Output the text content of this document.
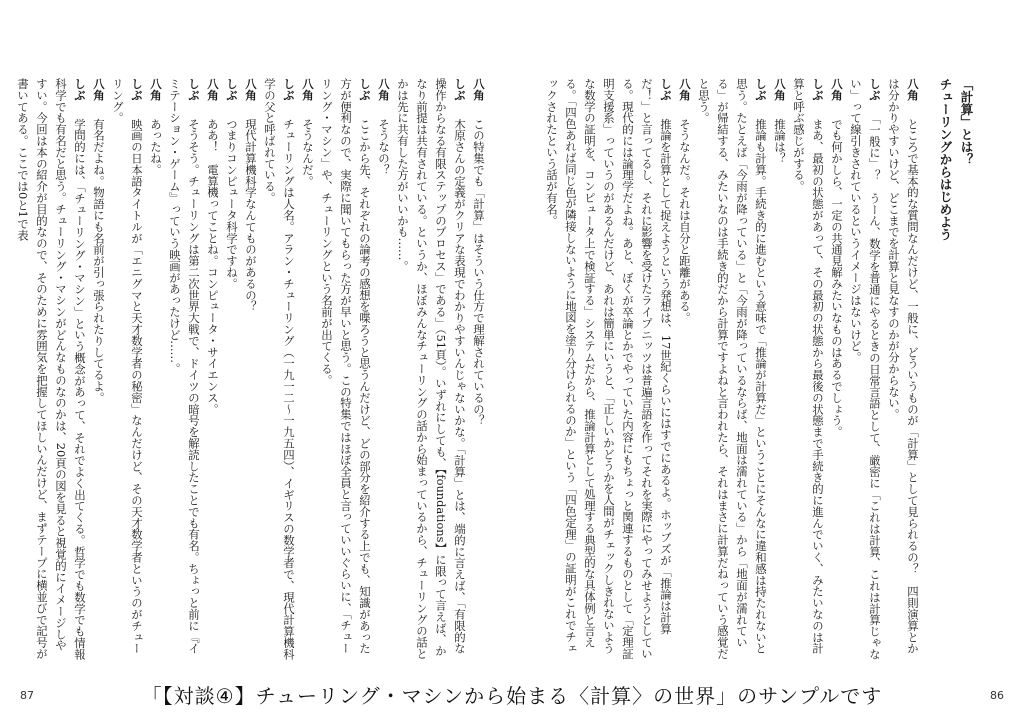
「計算」とは？
チューリングからはじめよう
八角　ところで基本的な質問なんだけど、一般に、どういうものが「計算」として見られるの？　四則演算とかは分かりやすいけど、どこまでを計算と見なすのかが分からない。
しぶ　「一般に」？　うーん、数学を普通にやるときの日常言語として、厳密に「これは計算、これは計算じゃない」って線引きされているというイメージはないけど。
八角　でも何かしら、一定の共通見解みたいなものはあるでしょう。
しぶ　まあ、最初の状態があって、その最初の状態から最後の状態まで手続き的に進んでいく、みたいなのは計算と呼ぶ感じがする。
八角　推論は？
しぶ　推論も計算。手続き的に進むという意味で「推論が計算だ」ということにそんなに違和感は持たれないと思う。たとえば「今雨が降っている」と「今雨が降っているならば、地面は濡れている」から「地面が濡れている」が帰結する、みたいなのは手続き的だから計算ですよねと言われたら、それはまさに計算だねっていう感覚だと思う。
八角　そうなんだ。それは自分と距離がある。
しぶ　推論を計算として捉えようという発想は、17世紀くらいにはすでにあるよ。ホッブズが「推論は計算だ！」と言ってるし、それに影響を受けたライプニッツは普遍言語を作ってそれを実際にやってみせようとしている。現代的には論理学だよね。あと、ぼくが卒論とかでやっていた内容にもちょっと関連するものとして「定理証明支援系」っていうのがあるんだけど、あれは簡単にいうと、「正しいかどうかを人間がチェックしきれないような数学の証明を、コンピュータ上で検証する」システムだから、推論計算として処理する典型的な具体例と言える。「四色あれば同じ色が隣接しないように地図を塗り分けられるのか」という「四色定理」の証明がこれでチェックされたという話が有名。
八角　この特集でも「計算」はそういう仕方で理解されているの？
しぶ　木原さんの定義がクリアな表現でわかりやすいんじゃないかな。「計算」とは、端的に言えば、「有限的な操作からなる有限ステップのプロセス」である」（51頁）。いずれにしても、【foundations】に限って言えば、かなり前提は共有されている。というか、ほぼみんなチューリングの話から始まっているから、チューリングの話とかは先に共有した方がいいかも……。
八角　そうなの？
しぶ　ここから先、それぞれの論考の感想を喋ろうと思うんだけど、どの部分を紹介する上でも、知識があった方が便利なので、実際に聞いてもらった方が早いと思う。この特集ではほぼ全員と言っていいぐらいに、「チューリング・マシン」や、チューリングという名前が出てくる。
八角　そうなんだ。
しぶ　チューリングは人名。アラン・チューリング（一九一二〜一九五四）、イギリスの数学者で、現代計算機科学の父と呼ばれている。
八角　現代計算機科学なんてものがあるの？
しぶ　つまりコンピュータ科学ですね。
八角　ああ！　電算機ってことね。コンピュータ・サイエンス。
しぶ　そうそう。チューリングは第二次世界大戦で、ドイツの暗号を解読したことでも有名。ちょっと前に『イミテーション・ゲーム』っていう映画があったけど……。
八角　あったね。
しぶ　映画の日本語タイトルが「エニグマと天才数学者の秘密」なんだけど、その天才数学者というのがチューリング。
八角　有名だよね。物語にも名前が引っ張られたりしてるよ。
しぶ　学問的には、「チューリング・マシン」という概念があって、それでよく出てくる。哲学でも数学でも情報科学でも有名だと思う。チューリング・マシンがどんなものなのかは、20頁の図を見ると視覚的にイメージしやすい。今回は本の紹介が目的なので、そのために雰囲気を把握してほしいんだけど、まずテープに横並びで記号が書いてある。ここでは0と1で表
87	86
「【対談④】チューリング・マシンから始まる〈計算〉の世界」のサンプルです
